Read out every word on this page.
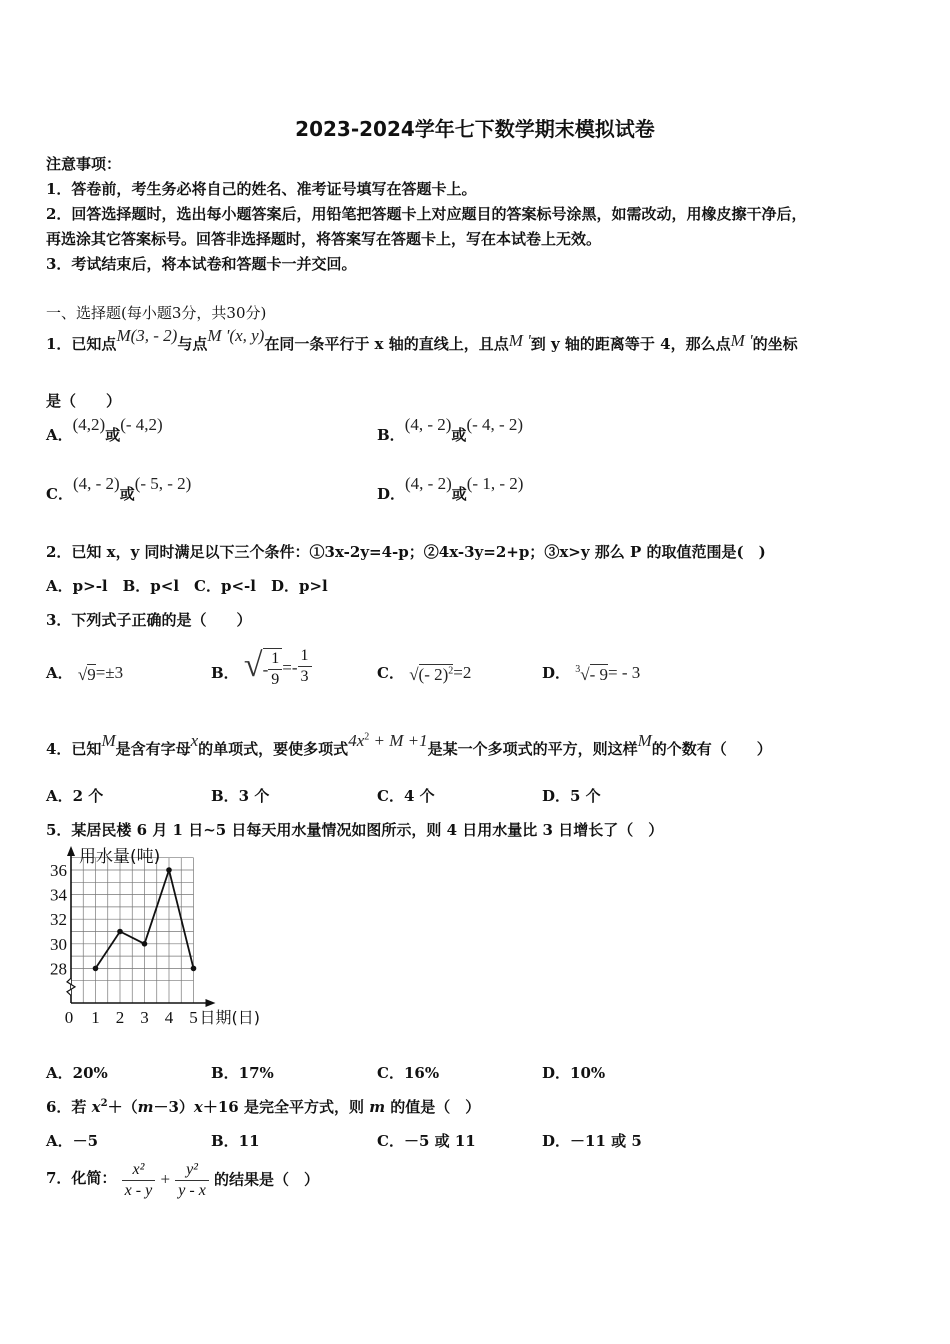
2023-2024学年七下数学期末模拟试卷
注意事项：
1．答卷前，考生务必将自己的姓名、准考证号填写在答题卡上。
2．回答选择题时，选出每小题答案后，用铅笔把答题卡上对应题目的答案标号涂黑，如需改动，用橡皮擦干净后，
再选涂其它答案标号。回答非选择题时，将答案写在答题卡上，写在本试卷上无效。
3．考试结束后，将本试卷和答题卡一并交回。
一、选择题(每小题3分，共30分)
1．已知点M(3, - 2)与点M '(x, y)在同一条平行于 x 轴的直线上，且点M '到 y 轴的距离等于 4，那么点M '的坐标
是（　　）
A．(4,2)或(- 4,2)
B．(4, - 2)或(- 4, - 2)
C．(4, - 2)或(- 5, - 2)
D．(4, - 2)或(- 1, - 2)
2．已知 x，y 同时满足以下三个条件：①3x-2y=4-p；②4x-3y=2+p；③x>y 那么 P 的取值范围是(　)
A．p>-l　B．p<l　C．p<-l　D．p>l
3．下列式子正确的是（　　）
A． √9=±3	B． √- $\frac{1}{9} =- \frac{1}{3}$	C． √(- 2)$^2$=2	D． $^3$√- 9= - 3
4．已知M是含有字母x的单项式，要使多项式$4x^2 + M +1$是某一个多项式的平方，则这样M的个数有（　　）
A．2 个	B．3 个	C．4 个	D．5 个
5．某居民楼 6 月 1 日~5 日每天用水量情况如图所示，则 4 日用水量比 3 日增长了（　）
28
30
32
34
36
0 1 2 3 4 5
用水量(吨)
日期(日)
A．20%	B．17%	C．16%	D．10%
6．若 $x^2+(m-3)x+16$ 是完全平方式，则 m 的值是（　）
A．－5	B．11	C．－5 或 11	D．－11 或 5
7．化简： $\frac{\text{x²}}{x - y} + \frac{\text{y²}}{y - x}$ 的结果是（　）
